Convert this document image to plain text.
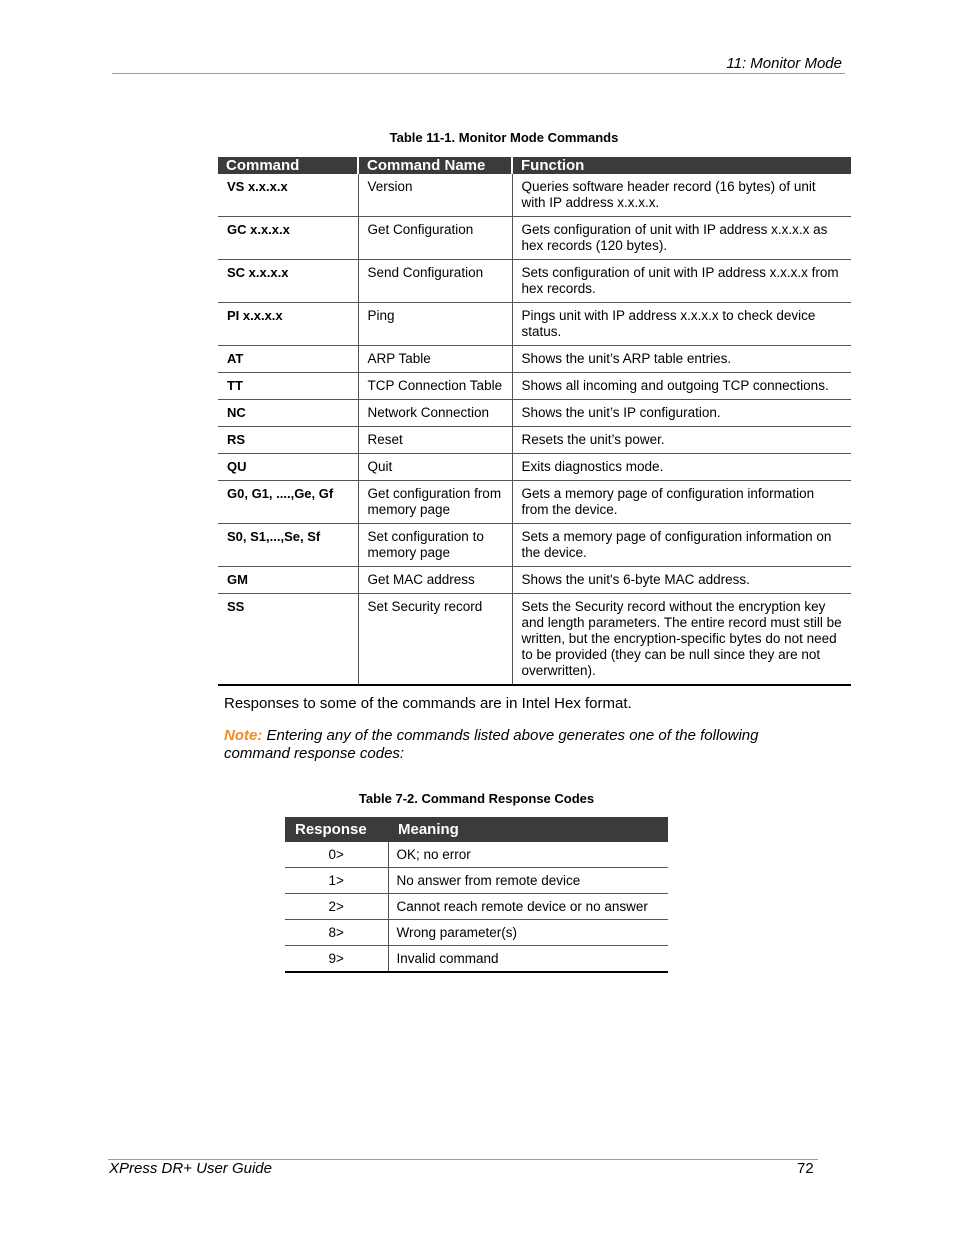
11: Monitor Mode
Table 11-1. Monitor Mode Commands
Command	Command Name	Function
VS x.x.x.x	Version	Queries software header record (16 bytes) of unit with IP address x.x.x.x.
GC x.x.x.x	Get Configuration	Gets configuration of unit with IP address x.x.x.x as hex records (120 bytes).
SC x.x.x.x	Send Configuration	Sets configuration of unit with IP address x.x.x.x from hex records.
PI x.x.x.x	Ping	Pings unit with IP address x.x.x.x to check device status.
AT	ARP Table	Shows the unit’s ARP table entries.
TT	TCP Connection Table	Shows all incoming and outgoing TCP connections.
NC	Network Connection	Shows the unit’s IP configuration.
RS	Reset	Resets the unit’s power.
QU	Quit	Exits diagnostics mode.
G0, G1, ....,Ge, Gf	Get configuration from memory page	Gets a memory page of configuration information from the device.
S0, S1,...,Se, Sf	Set configuration to memory page	Sets a memory page of configuration information on the device.
GM	Get MAC address	Shows the unit's 6-byte MAC address.
SS	Set Security record	Sets the Security record without the encryption key and length parameters. The entire record must still be written, but the encryption-specific bytes do not need to be provided (they can be null since they are not overwritten).
Responses to some of the commands are in Intel Hex format.
Note: Entering any of the commands listed above generates one of the following command response codes:
Table 7-2. Command Response Codes
Response	Meaning
0>	OK; no error
1>	No answer from remote device
2>	Cannot reach remote device or no answer
8>	Wrong parameter(s)
9>	Invalid command
XPress DR+ User Guide	72
